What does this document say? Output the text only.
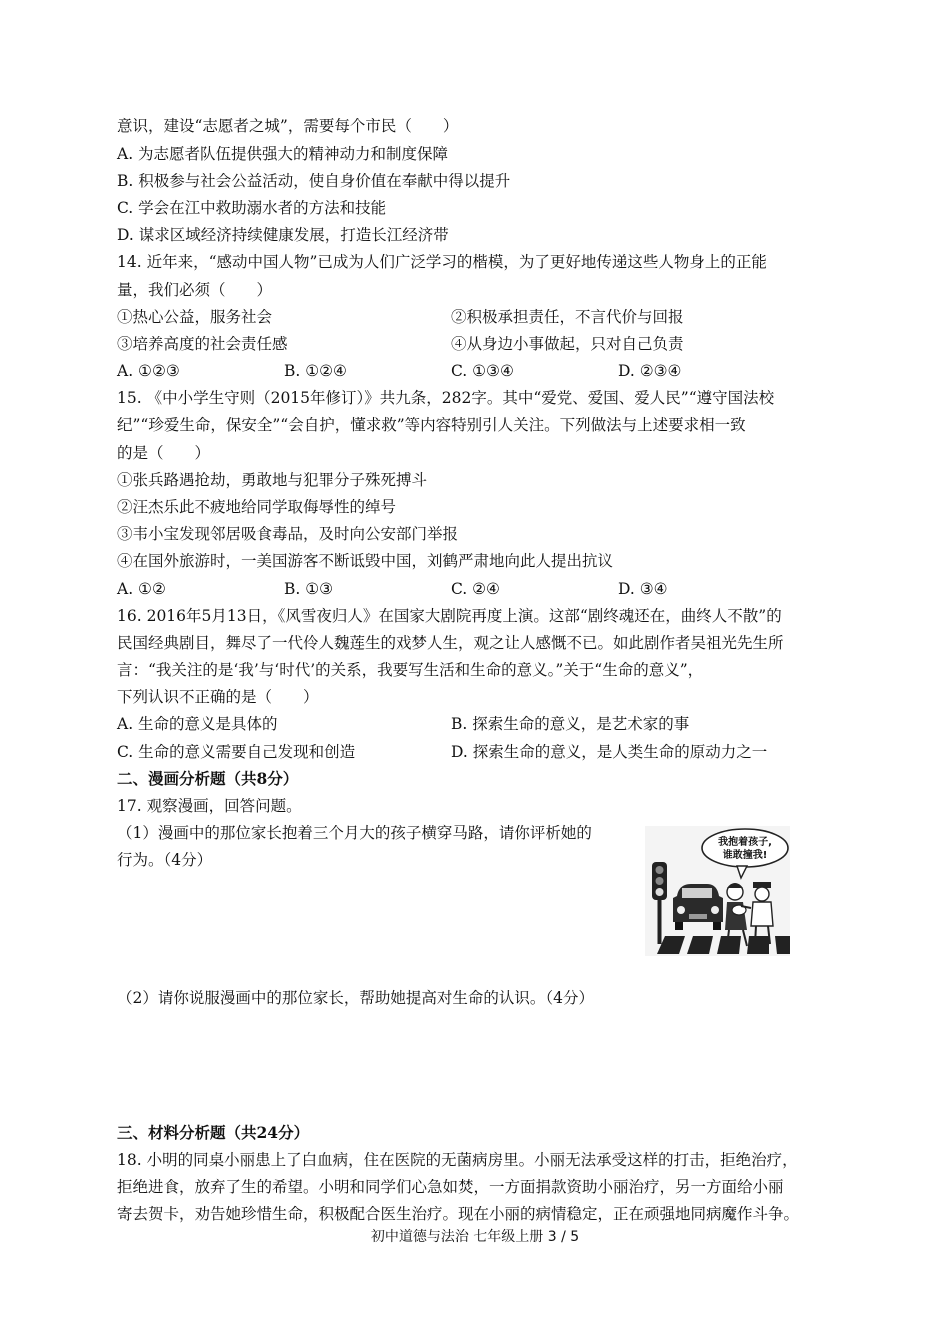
意识，建设“志愿者之城”，需要每个市民（　　）
A. 为志愿者队伍提供强大的精神动力和制度保障
B. 积极参与社会公益活动，使自身价值在奉献中得以提升
C. 学会在江中救助溺水者的方法和技能
D. 谋求区域经济持续健康发展，打造长江经济带
14. 近年来，“感动中国人物”已成为人们广泛学习的楷模，为了更好地传递这些人物身上的正能
量，我们必须（　　）
①热心公益，服务社会	②积极承担责任，不言代价与回报
③培养高度的社会责任感	④从身边小事做起，只对自己负责
A. ①②③	B. ①②④	C. ①③④	D. ②③④
15. 《中小学生守则（2015年修订）》共九条，282字。其中“爱党、爱国、爱人民”“遵守国法校
纪”“珍爱生命，保安全”“会自护，懂求救”等内容特别引人关注。下列做法与上述要求相一致
的是（　　）
①张兵路遇抢劫，勇敢地与犯罪分子殊死搏斗
②汪杰乐此不疲地给同学取侮辱性的绰号
③韦小宝发现邻居吸食毒品，及时向公安部门举报
④在国外旅游时，一美国游客不断诋毁中国，刘鹤严肃地向此人提出抗议
A. ①②	B. ①③	C. ②④	D. ③④
16. 2016年5月13日，《风雪夜归人》在国家大剧院再度上演。这部“剧终魂还在，曲终人不散”的
民国经典剧目，舞尽了一代伶人魏莲生的戏梦人生，观之让人感慨不已。如此剧作者吴祖光先生所
言：“我关注的是‘我’与‘时代’的关系，我要写生活和生命的意义。”关于“生命的意义”，
下列认识不正确的是（　　）
A. 生命的意义是具体的	B. 探索生命的意义，是艺术家的事
C. 生命的意义需要自己发现和创造	D. 探索生命的意义，是人类生命的原动力之一
二、漫画分析题（共8分）
17. 观察漫画，回答问题。
（1）漫画中的那位家长抱着三个月大的孩子横穿马路，请你评析她的
行为。（4分）
我抱着孩子,
谁敢撞我!
（2）请你说服漫画中的那位家长，帮助她提高对生命的认识。（4分）
三、材料分析题（共24分）
18. 小明的同桌小丽患上了白血病，住在医院的无菌病房里。小丽无法承受这样的打击，拒绝治疗，
拒绝进食，放弃了生的希望。小明和同学们心急如焚，一方面捐款资助小丽治疗，另一方面给小丽
寄去贺卡，劝告她珍惜生命，积极配合医生治疗。现在小丽的病情稳定，正在顽强地同病魔作斗争。
初中道德与法治 七年级上册 3 / 5
